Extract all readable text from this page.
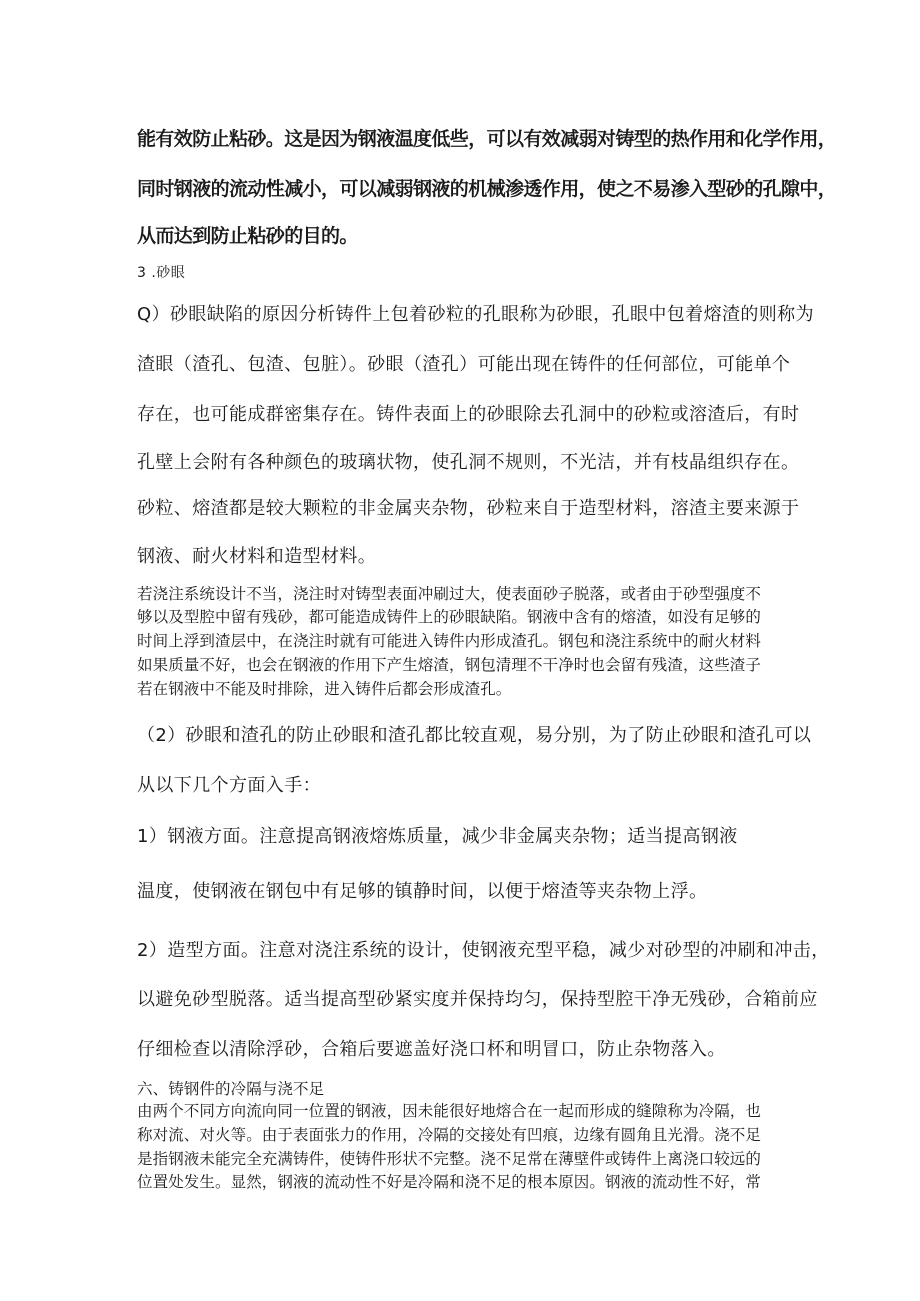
能有效防止粘砂。这是因为钢液温度低些，可以有效减弱对铸型的热作用和化学作用，

同时钢液的流动性减小，可以减弱钢液的机械渗透作用，使之不易渗入型砂的孔隙中，

从而达到防止粘砂的目的。

3 .砂眼

Q）砂眼缺陷的原因分析铸件上包着砂粒的孔眼称为砂眼，孔眼中包着熔渣的则称为

渣眼（渣孔、包渣、包脏）。砂眼（渣孔）可能出现在铸件的任何部位，可能单个

存在，也可能成群密集存在。铸件表面上的砂眼除去孔洞中的砂粒或溶渣后，有时

孔壁上会附有各种颜色的玻璃状物，使孔洞不规则，不光洁，并有枝晶组织存在。

砂粒、熔渣都是较大颗粒的非金属夹杂物，砂粒来自于造型材料，溶渣主要来源于

钢液、耐火材料和造型材料。

若浇注系统设计不当，浇注时对铸型表面冲刷过大，使表面砂子脱落，或者由于砂型强度不

够以及型腔中留有残砂，都可能造成铸件上的砂眼缺陷。钢液中含有的熔渣，如没有足够的

时间上浮到渣层中，在浇注时就有可能进入铸件内形成渣孔。钢包和浇注系统中的耐火材料

如果质量不好，也会在钢液的作用下产生熔渣，钢包清理不干净时也会留有残渣，这些渣子

若在钢液中不能及时排除，进入铸件后都会形成渣孔。

（2）砂眼和渣孔的防止砂眼和渣孔都比较直观，易分别，为了防止砂眼和渣孔可以

从以下几个方面入手：

1）钢液方面。注意提高钢液熔炼质量，减少非金属夹杂物；适当提高钢液

温度，使钢液在钢包中有足够的镇静时间，以便于熔渣等夹杂物上浮。

2）造型方面。注意对浇注系统的设计，使钢液充型平稳，减少对砂型的冲刷和冲击，

以避免砂型脱落。适当提高型砂紧实度并保持均匀，保持型腔干净无残砂，合箱前应

仔细检查以清除浮砂，合箱后要遮盖好浇口杯和明冒口，防止杂物落入。

六、铸钢件的冷隔与浇不足

由两个不同方向流向同一位置的钢液，因未能很好地熔合在一起而形成的缝隙称为冷隔，也

称对流、对火等。由于表面张力的作用，冷隔的交接处有凹痕，边缘有圆角且光滑。浇不足

是指钢液未能完全充满铸件，使铸件形状不完整。浇不足常在薄壁件或铸件上离浇口较远的

位置处发生。显然，钢液的流动性不好是冷隔和浇不足的根本原因。钢液的流动性不好，常
